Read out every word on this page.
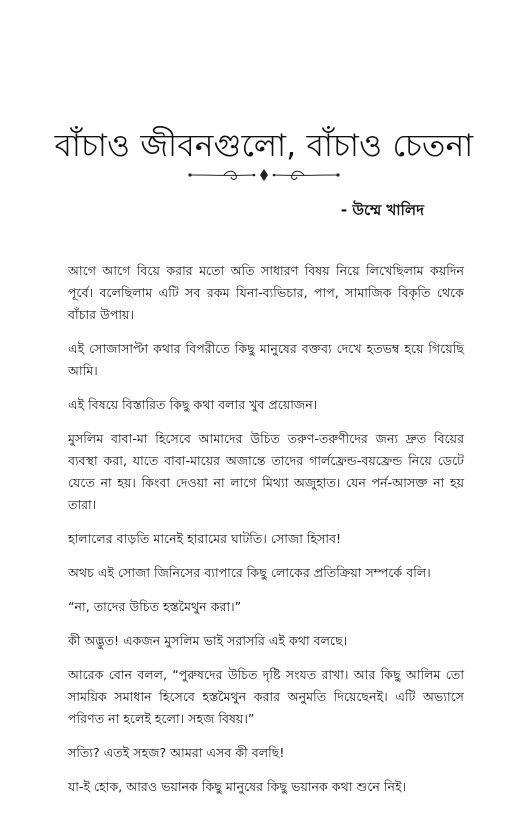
বাঁচাও জীবনগুলো, বাঁচাও চেতনা
- উম্মে খালিদ

আগে আগে বিয়ে করার মতো অতি সাধারণ বিষয় নিয়ে লিখেছিলাম কয়দিন পূর্বে। বলেছিলাম এটি সব রকম যিনা-ব্যভিচার, পাপ, সামাজিক বিকৃতি থেকে বাঁচার উপায়।

এই সোজাসাপ্টা কথার বিপরীতে কিছু মানুষের বক্তব্য দেখে হতভম্ব হয়ে গিয়েছি আমি।

এই বিষয়ে বিস্তারিত কিছু কথা বলার খুব প্রয়োজন।

মুসলিম বাবা-মা হিসেবে আমাদের উচিত তরুণ-তরুণীদের জন্য দ্রুত বিয়ের ব্যবস্থা করা, যাতে বাবা-মায়ের অজান্তে তাদের গার্লফ্রেন্ড-বয়ফ্রেন্ড নিয়ে ডেটে যেতে না হয়। কিংবা দেওয়া না লাগে মিথ্যা অজুহাত। যেন পর্ন-আসক্ত না হয় তারা।

হালালের বাড়তি মানেই হারামের ঘাটতি। সোজা হিসাব!

অথচ এই সোজা জিনিসের ব্যাপারে কিছু লোকের প্রতিক্রিয়া সম্পর্কে বলি।

“না, তাদের উচিত হস্তমৈথুন করা।”

কী অদ্ভুত! একজন মুসলিম ভাই সরাসরি এই কথা বলছে।

আরেক বোন বলল, “পুরুষদের উচিত দৃষ্টি সংযত রাখা। আর কিছু আলিম তো সাময়িক সমাধান হিসেবে হস্তমৈথুন করার অনুমতি দিয়েছেনই। এটি অভ্যাসে পরিণত না হলেই হলো। সহজ বিষয়।”

সত্যি? এতই সহজ? আমরা এসব কী বলছি!

যা-ই হোক, আরও ভয়ানক কিছু মানুষের কিছু ভয়ানক কথা শুনে নিই।
